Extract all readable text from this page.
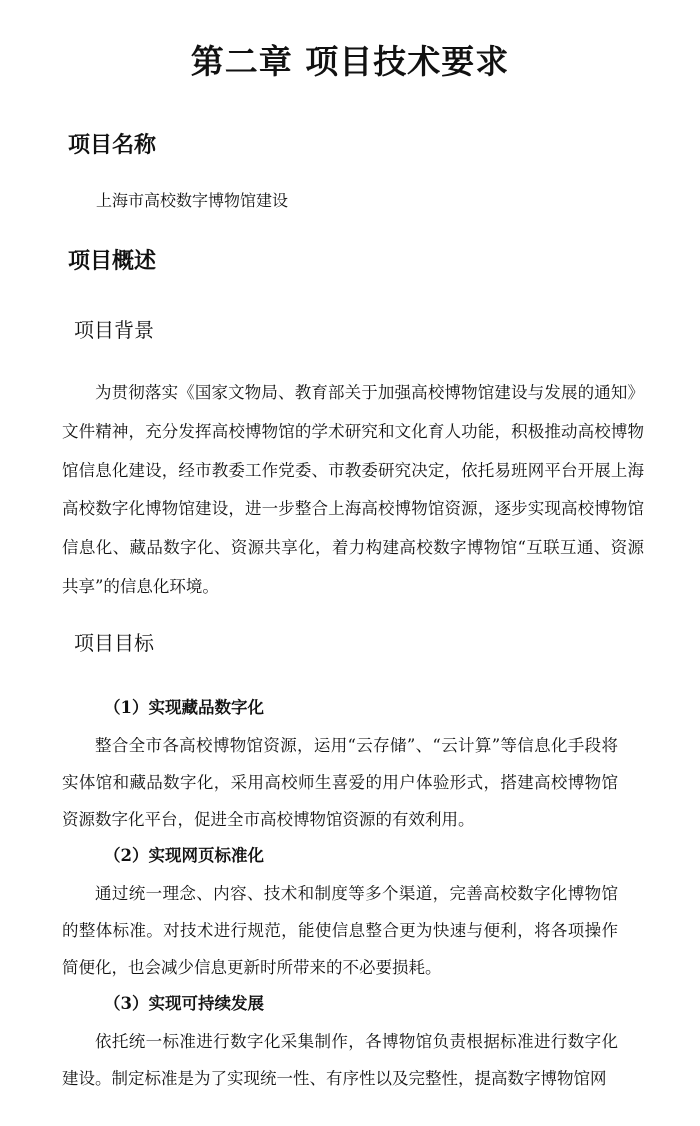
第二章 项目技术要求
项目名称
上海市高校数字博物馆建设
项目概述
项目背景
为贯彻落实《国家文物局、教育部关于加强高校博物馆建设与发展的通知》文件精神，充分发挥高校博物馆的学术研究和文化育人功能，积极推动高校博物馆信息化建设，经市教委工作党委、市教委研究决定，依托易班网平台开展上海高校数字化博物馆建设，进一步整合上海高校博物馆资源，逐步实现高校博物馆信息化、藏品数字化、资源共享化，着力构建高校数字博物馆“互联互通、资源共享”的信息化环境。
项目目标
（1）实现藏品数字化
整合全市各高校博物馆资源，运用“云存储”、“云计算”等信息化手段将实体馆和藏品数字化，采用高校师生喜爱的用户体验形式，搭建高校博物馆资源数字化平台，促进全市高校博物馆资源的有效利用。
（2）实现网页标准化
通过统一理念、内容、技术和制度等多个渠道，完善高校数字化博物馆的整体标准。对技术进行规范，能使信息整合更为快速与便利，将各项操作简便化，也会减少信息更新时所带来的不必要损耗。
（3）实现可持续发展
依托统一标准进行数字化采集制作，各博物馆负责根据标准进行数字化建设。制定标准是为了实现统一性、有序性以及完整性，提高数字博物馆网
